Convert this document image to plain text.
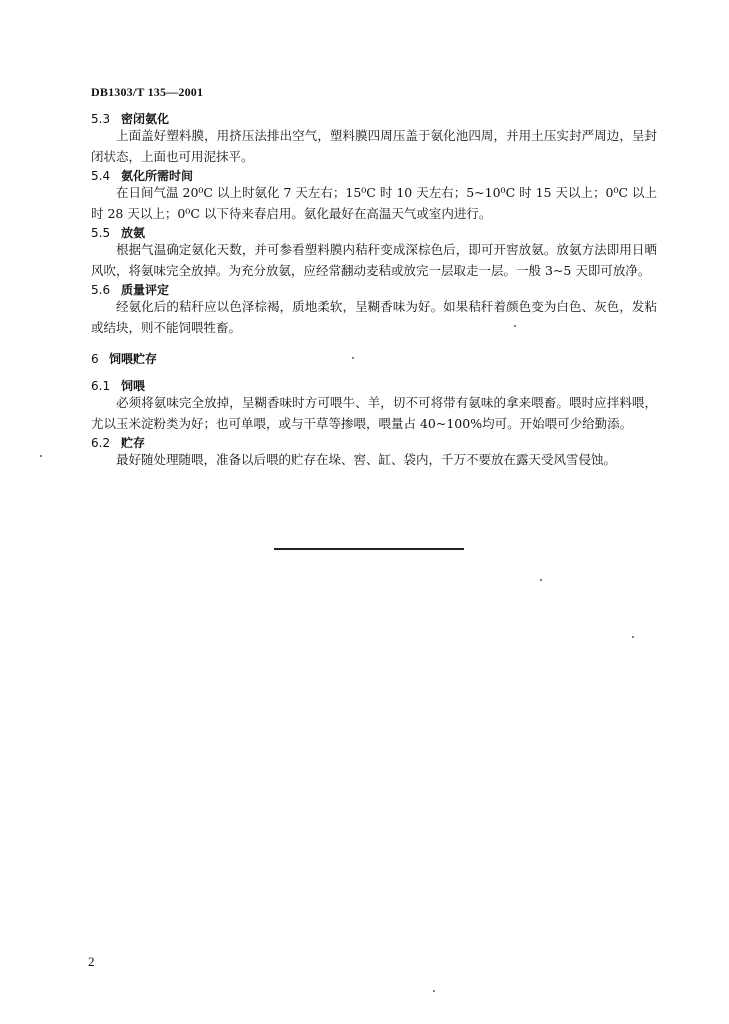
DB1303/T 135—2001
5.3 密闭氨化
上面盖好塑料膜，用挤压法排出空气，塑料膜四周压盖于氨化池四周，并用土压实封严周边，呈封闭状态，上面也可用泥抹平。
5.4 氨化所需时间
在日间气温 20⁰C 以上时氨化 7 天左右；15⁰C 时 10 天左右；5~10⁰C 时 15 天以上；0⁰C 以上时 28 天以上；0⁰C 以下待来春启用。氨化最好在高温天气或室内进行。
5.5 放氨
根据气温确定氨化天数，并可参看塑料膜内秸秆变成深棕色后，即可开窖放氨。放氨方法即用日晒风吹，将氨味完全放掉。为充分放氨，应经常翻动麦秸或放完一层取走一层。一般 3~5 天即可放净。
5.6 质量评定
经氨化后的秸秆应以色泽棕褐，质地柔软，呈糊香味为好。如果秸秆着颜色变为白色、灰色，发粘或结块，则不能饲喂牲畜。
6 饲喂贮存
6.1 饲喂
必须将氨味完全放掉，呈糊香味时方可喂牛、羊，切不可将带有氨味的拿来喂畜。喂时应拌料喂，尤以玉米淀粉类为好；也可单喂，或与干草等掺喂，喂量占 40~100%均可。开始喂可少给勤添。
6.2 贮存
最好随处理随喂，准备以后喂的贮存在垛、窖、缸、袋内，千万不要放在露天受风雪侵蚀。
2
